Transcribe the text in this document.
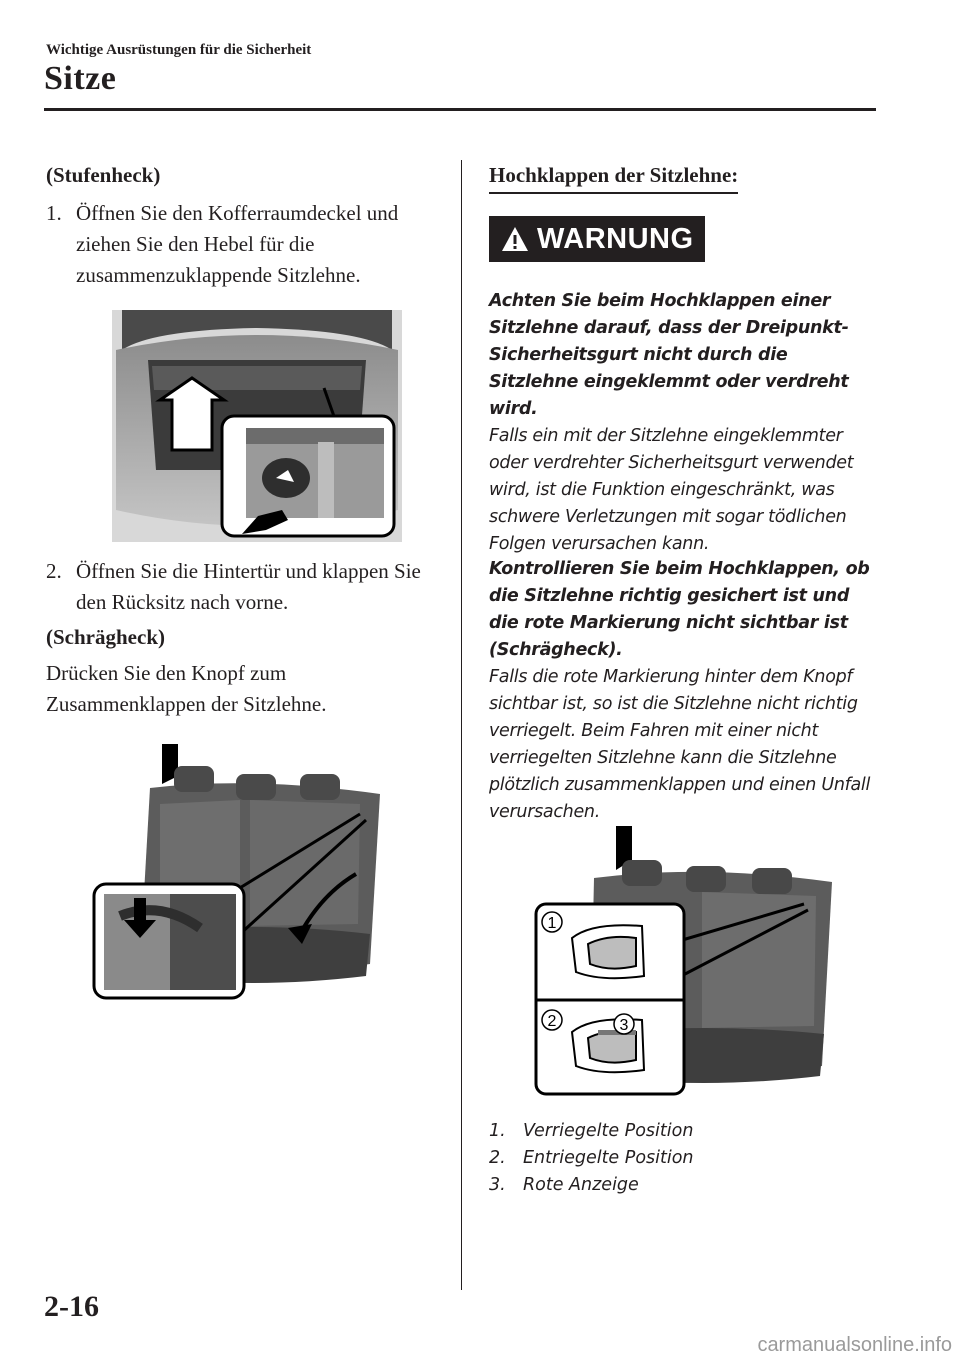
Wichtige Ausrüstungen für die Sicherheit
Sitze
(Stufenheck)
1. Öffnen Sie den Kofferraumdeckel und ziehen Sie den Hebel für die zusammenzuklappende Sitzlehne.
2. Öffnen Sie die Hintertür und klappen Sie den Rücksitz nach vorne.
(Schrägheck)
Drücken Sie den Knopf zum Zusammenklappen der Sitzlehne.
Hochklappen der Sitzlehne:
WARNUNG
Achten Sie beim Hochklappen einer Sitzlehne darauf, dass der Dreipunkt-Sicherheitsgurt nicht durch die Sitzlehne eingeklemmt oder verdreht wird.
Falls ein mit der Sitzlehne eingeklemmter oder verdrehter Sicherheitsgurt verwendet wird, ist die Funktion eingeschränkt, was schwere Verletzungen mit sogar tödlichen Folgen verursachen kann.
Kontrollieren Sie beim Hochklappen, ob die Sitzlehne richtig gesichert ist und die rote Markierung nicht sichtbar ist (Schrägheck).
Falls die rote Markierung hinter dem Knopf sichtbar ist, so ist die Sitzlehne nicht richtig verriegelt. Beim Fahren mit einer nicht verriegelten Sitzlehne kann die Sitzlehne plötzlich zusammenklappen und einen Unfall verursachen.
1
2	3
1. Verriegelte Position
2. Entriegelte Position
3. Rote Anzeige
2-16
carmanualsonline.info
